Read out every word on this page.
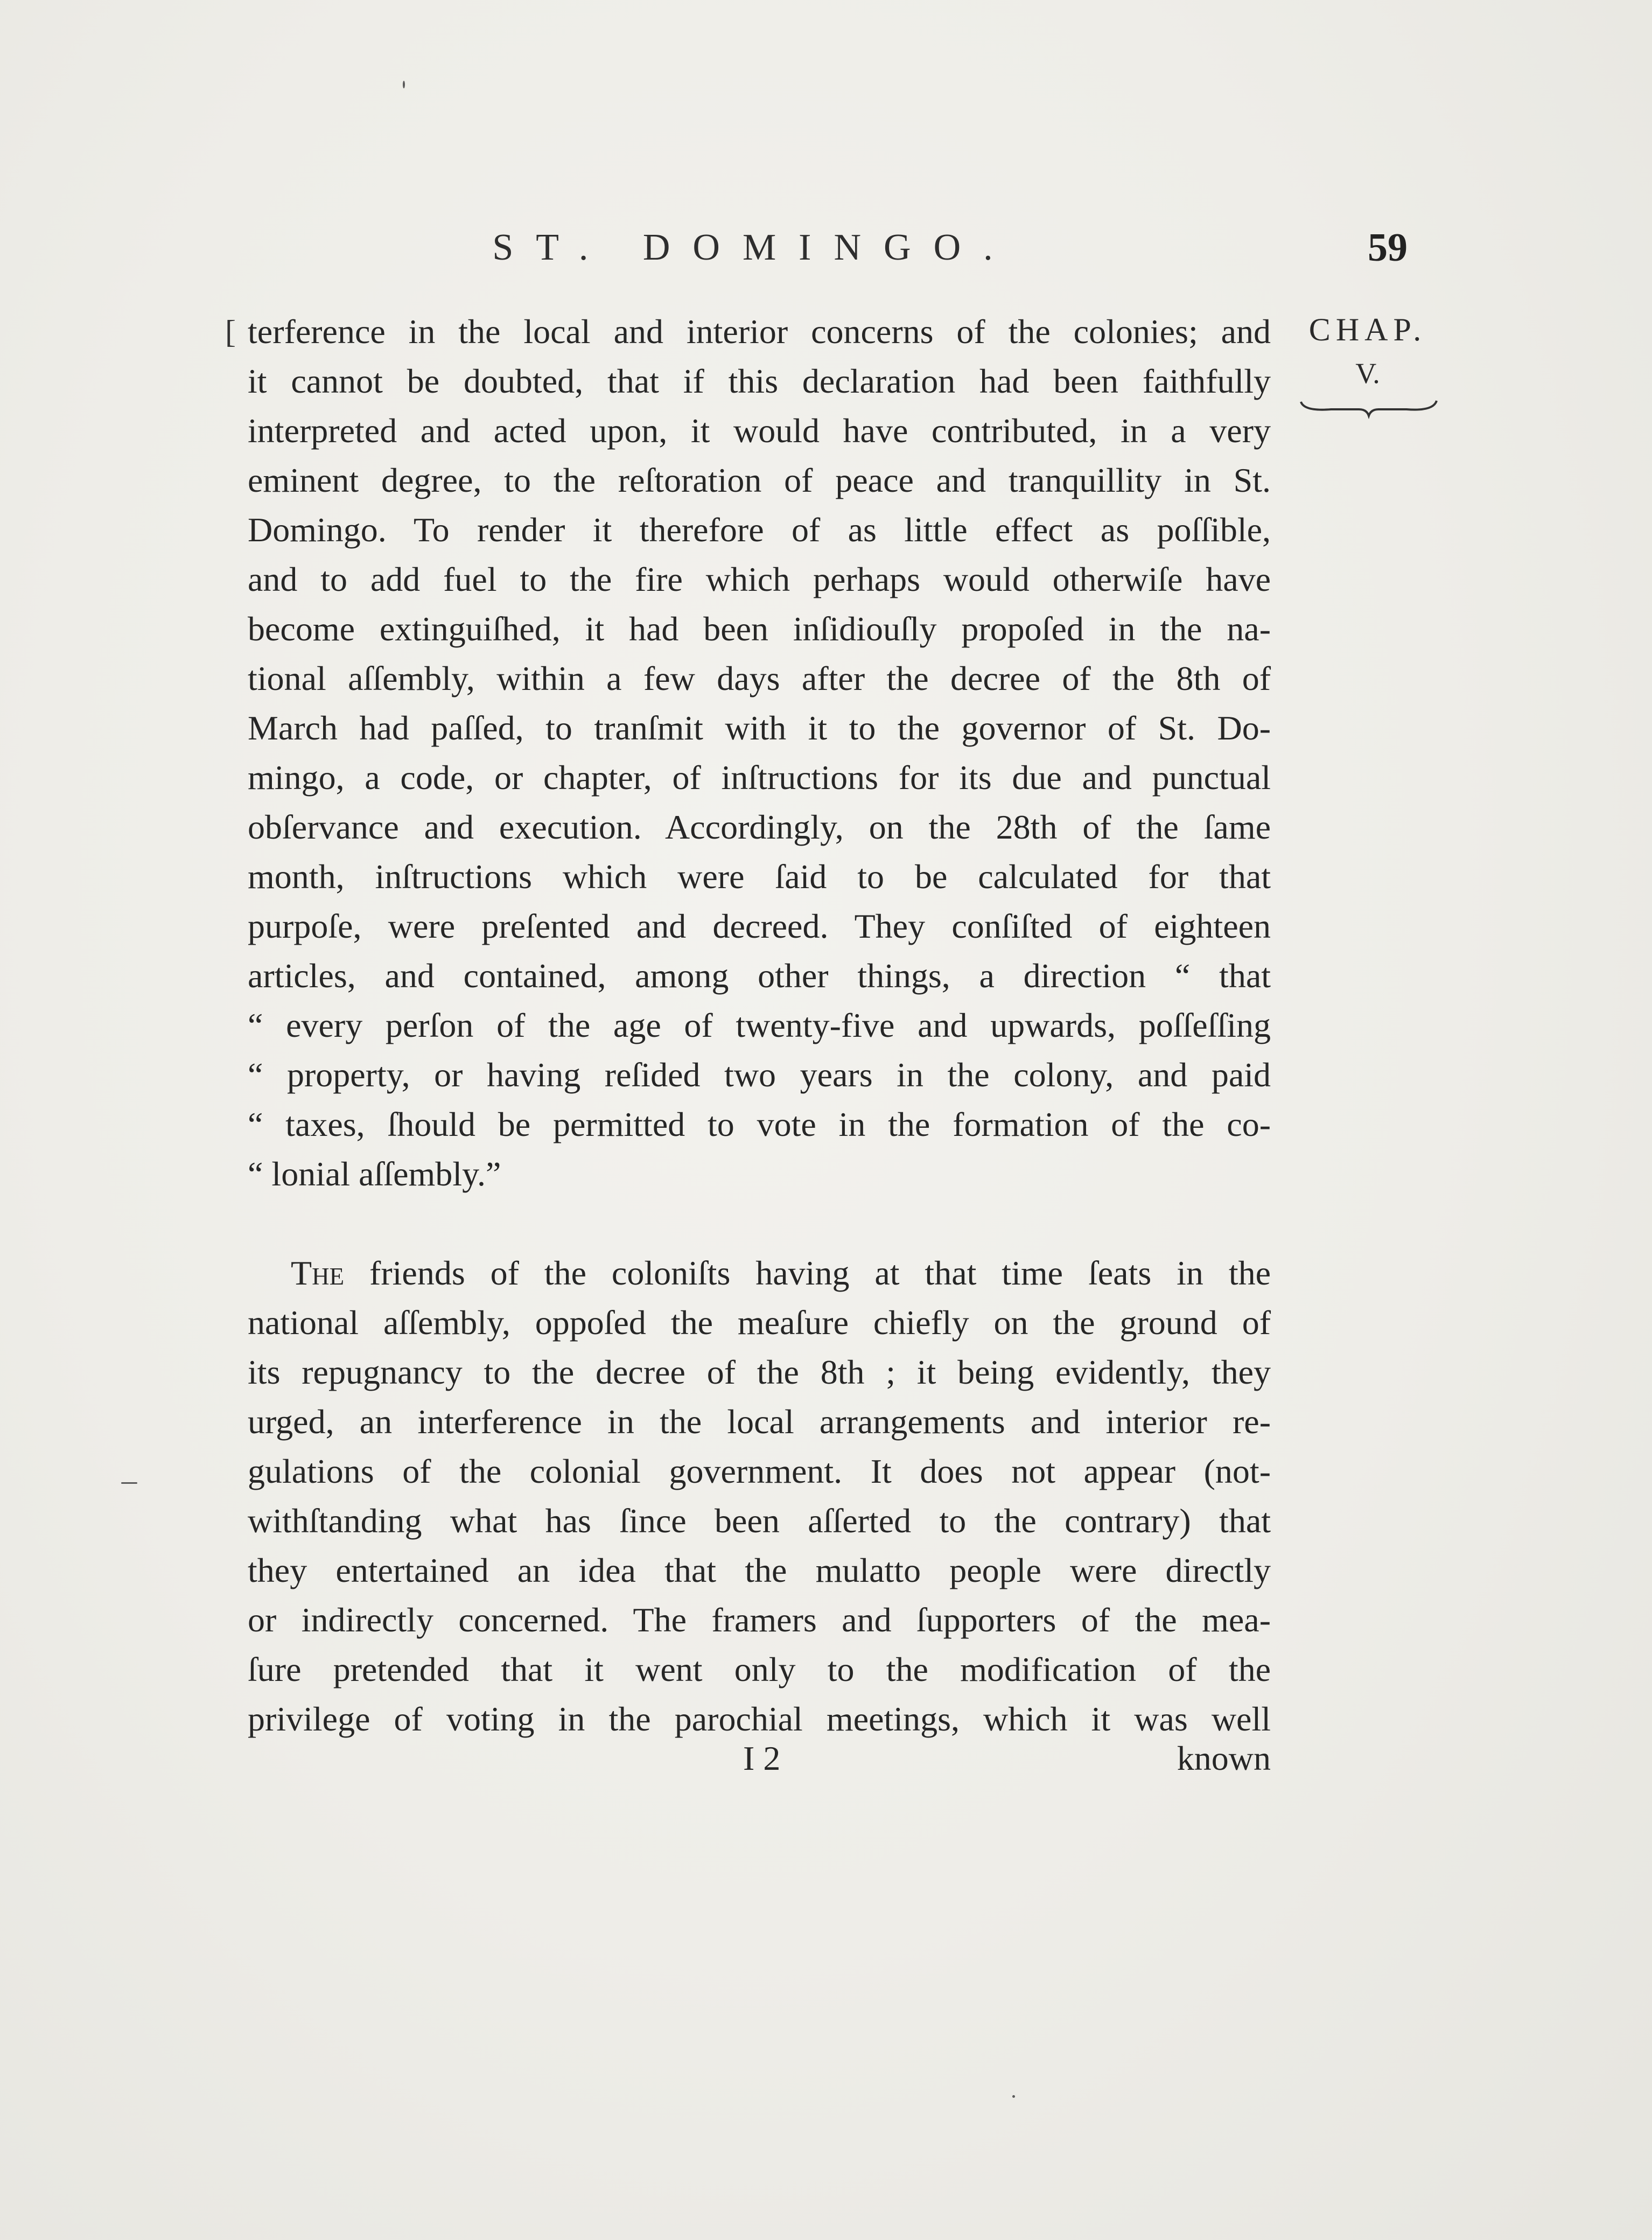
ST. DOMINGO.	59
CHAP.
V.
[ terference in the local and interior concerns of the colonies; and
it cannot be doubted, that if this declaration had been faithfully
interpreted and acted upon, it would have contributed, in a very
eminent degree, to the reſtoration of peace and tranquillity in St.
Domingo. To render it therefore of as little effect as poſſible,
and to add fuel to the fire which perhaps would otherwiſe have
become extinguiſhed, it had been inſidiouſly propoſed in the na-
tional aſſembly, within a few days after the decree of the 8th of
March had paſſed, to tranſmit with it to the governor of St. Do-
mingo, a code, or chapter, of inſtructions for its due and punctual
obſervance and execution. Accordingly, on the 28th of the ſame
month, inſtructions which were ſaid to be calculated for that
purpoſe, were preſented and decreed. They conſiſted of eighteen
articles, and contained, among other things, a direction “ that
“ every perſon of the age of twenty-five and upwards, poſſeſſing
“ property, or having reſided two years in the colony, and paid
“ taxes, ſhould be permitted to vote in the formation of the co-
“ lonial aſſembly.”
The friends of the coloniſts having at that time ſeats in the
national aſſembly, oppoſed the meaſure chiefly on the ground of
its repugnancy to the decree of the 8th ; it being evidently, they
urged, an interference in the local arrangements and interior re-
gulations of the colonial government. It does not appear (not-
withſtanding what has ſince been aſſerted to the contrary) that
they entertained an idea that the mulatto people were directly
or indirectly concerned. The framers and ſupporters of the mea-
ſure pretended that it went only to the modification of the
privilege of voting in the parochial meetings, which it was well
I 2	known
